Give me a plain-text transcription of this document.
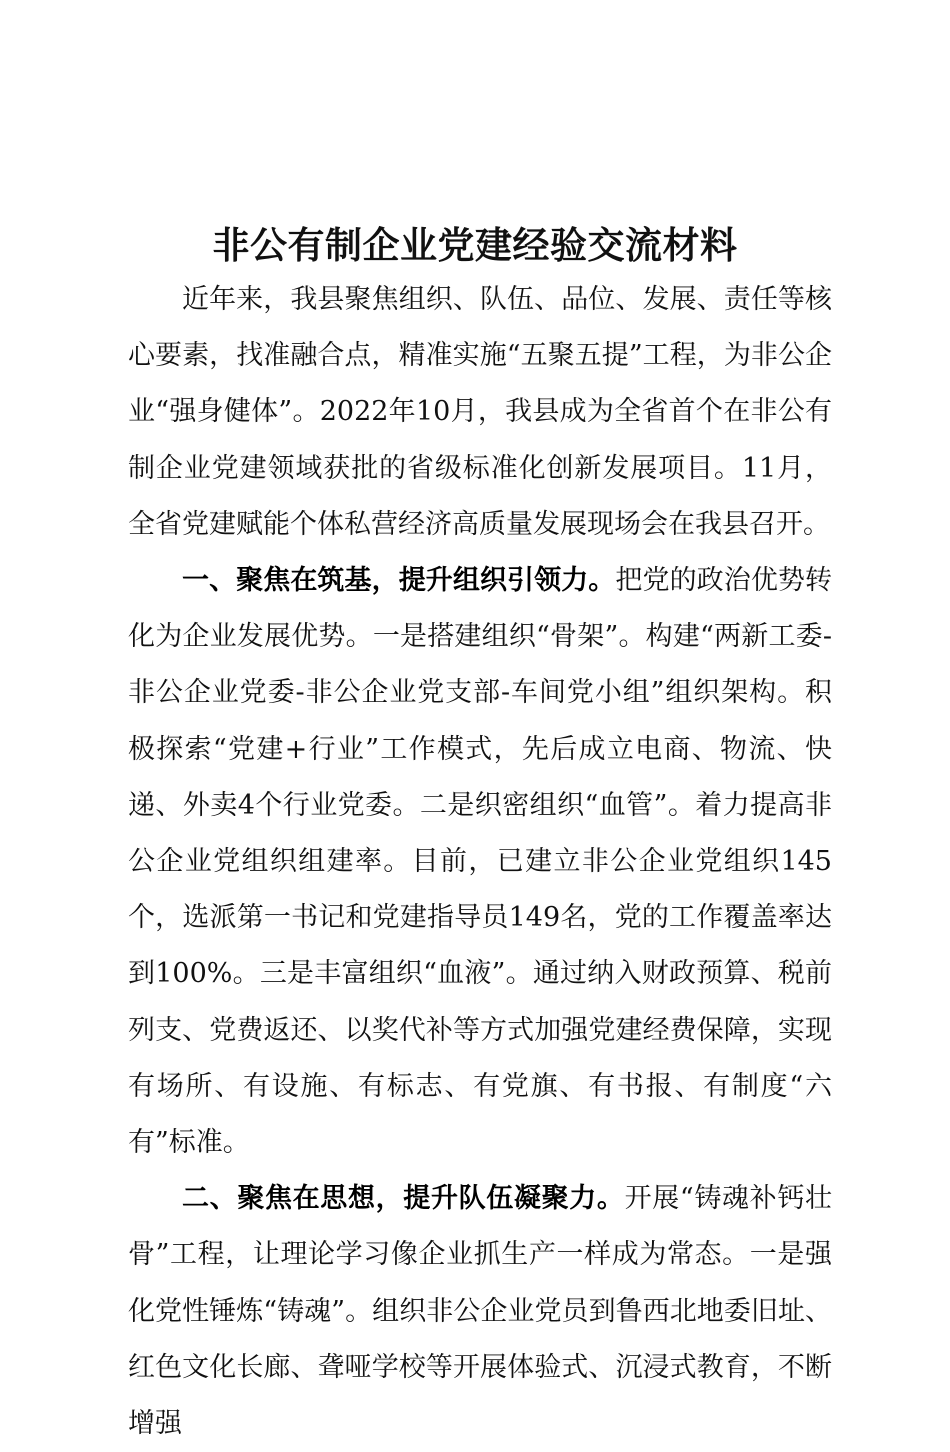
非公有制企业党建经验交流材料

近年来，我县聚焦组织、队伍、品位、发展、责任等核心要素，找准融合点，精准实施“五聚五提”工程，为非公企业“强身健体”。2022年10月，我县成为全省首个在非公有制企业党建领域获批的省级标准化创新发展项目。11月，全省党建赋能个体私营经济高质量发展现场会在我县召开。

一、聚焦在筑基，提升组织引领力。把党的政治优势转化为企业发展优势。一是搭建组织“骨架”。构建“两新工委-非公企业党委-非公企业党支部-车间党小组”组织架构。积极探索“党建+行业”工作模式，先后成立电商、物流、快递、外卖4个行业党委。二是织密组织“血管”。着力提高非公企业党组织组建率。目前，已建立非公企业党组织145个，选派第一书记和党建指导员149名，党的工作覆盖率达到100%。三是丰富组织“血液”。通过纳入财政预算、税前列支、党费返还、以奖代补等方式加强党建经费保障，实现有场所、有设施、有标志、有党旗、有书报、有制度“六有”标准。

二、聚焦在思想，提升队伍凝聚力。开展“铸魂补钙壮骨”工程，让理论学习像企业抓生产一样成为常态。一是强化党性锤炼“铸魂”。组织非公企业党员到鲁西北地委旧址、红色文化长廊、聋哑学校等开展体验式、沉浸式教育，不断增强
